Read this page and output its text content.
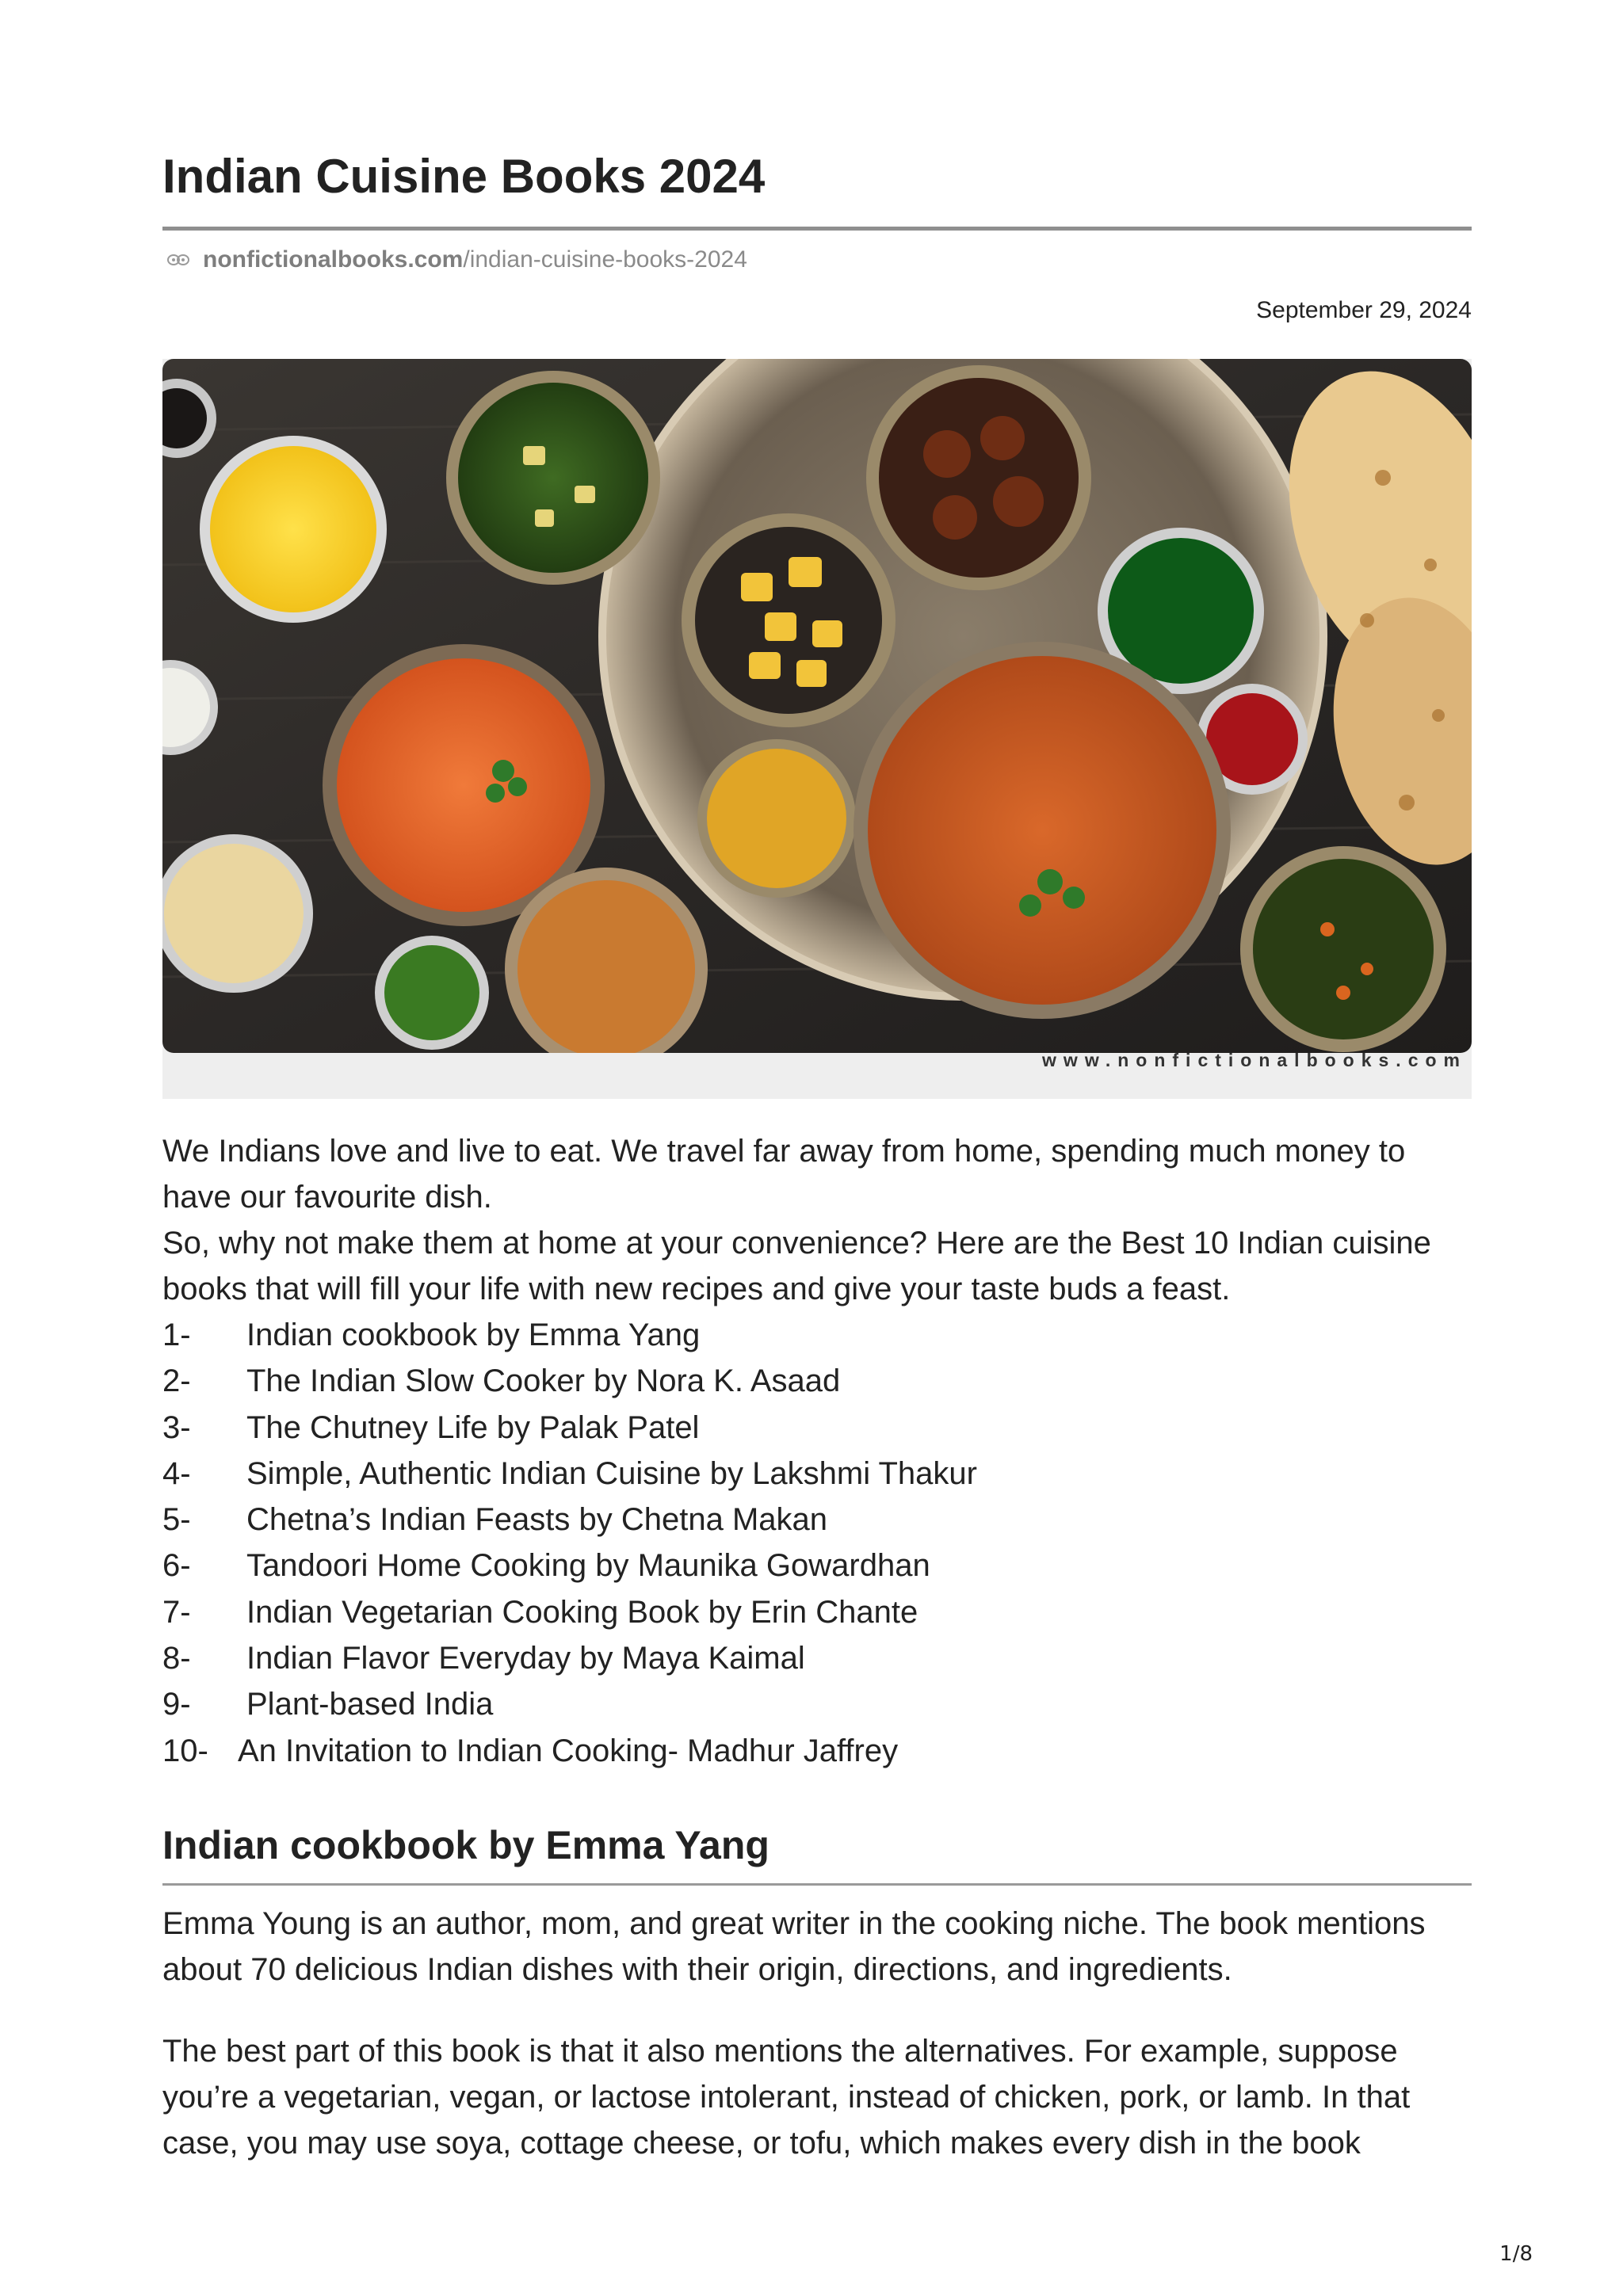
Indian Cuisine Books 2024
nonfictionalbooks.com/indian-cuisine-books-2024
September 29, 2024
www.nonfictionalbooks.com
We Indians love and live to eat. We travel far away from home, spending much money to have our favourite dish.
So, why not make them at home at your convenience? Here are the Best 10 Indian cuisine books that will fill your life with new recipes and give your taste buds a feast.
1- Indian cookbook by Emma Yang
2- The Indian Slow Cooker by Nora K. Asaad
3- The Chutney Life by Palak Patel
4- Simple, Authentic Indian Cuisine by Lakshmi Thakur
5- Chetna’s Indian Feasts by Chetna Makan
6- Tandoori Home Cooking by Maunika Gowardhan
7- Indian Vegetarian Cooking Book by Erin Chante
8- Indian Flavor Everyday by Maya Kaimal
9- Plant-based India
10- An Invitation to Indian Cooking- Madhur Jaffrey
Indian cookbook by Emma Yang

Emma Young is an author, mom, and great writer in the cooking niche. The book mentions about 70 delicious Indian dishes with their origin, directions, and ingredients.

The best part of this book is that it also mentions the alternatives. For example, suppose you’re a vegetarian, vegan, or lactose intolerant, instead of chicken, pork, or lamb. In that case, you may use soya, cottage cheese, or tofu, which makes every dish in the book

1/8
